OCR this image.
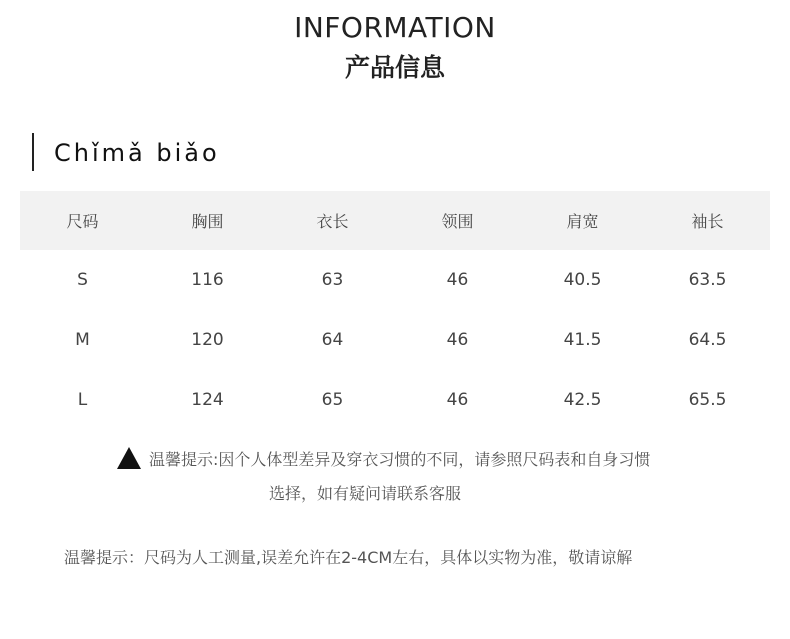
INFORMATION
产品信息
Chǐmǎ biǎo
尺码	胸围	衣长	领围	肩宽	袖长
S	116	63	46	40.5	63.5
M	120	64	46	41.5	64.5
L	124	65	46	42.5	65.5
温馨提示:因个人体型差异及穿衣习惯的不同，请参照尺码表和自身习惯
选择，如有疑问请联系客服
温馨提示：尺码为人工测量,误差允许在2-4CM左右，具体以实物为准，敬请谅解
